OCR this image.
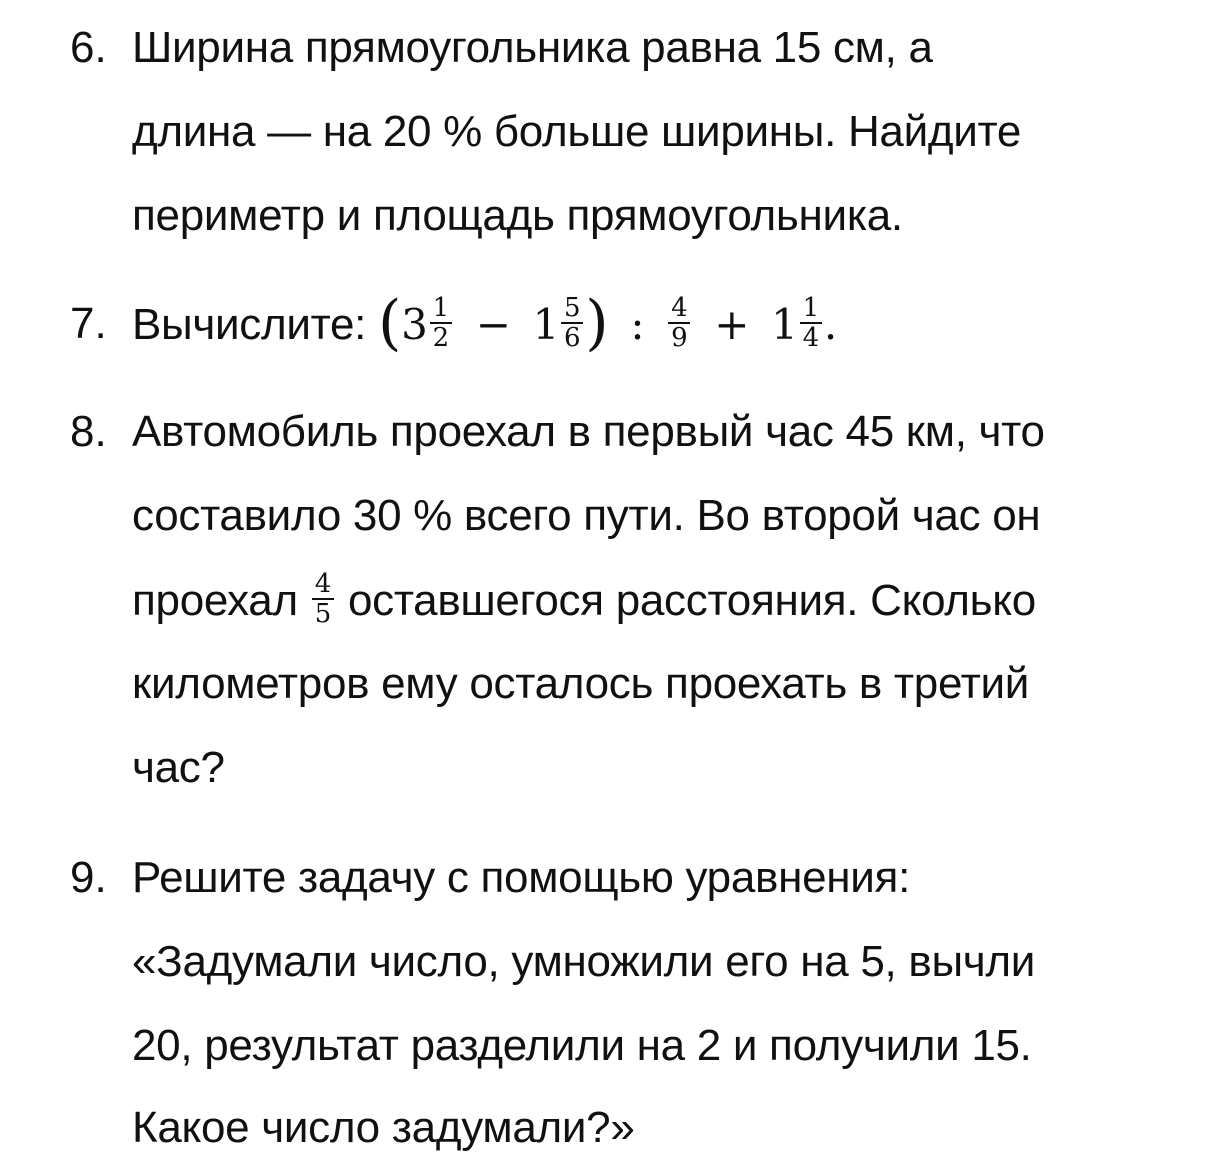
6. Ширина прямоугольника равна 15 см, а
длина — на 20 % больше ширины. Найдите
периметр и площадь прямоугольника.
7. Вычислите: ($3 \frac{1}{2} - 1 \frac{5}{6}$ ) : $\frac{4}{9} + 1 \frac{1}{4}$ .
8. Автомобиль проехал в первый час 45 км, что
составило 30 % всего пути. Во второй час он
проехал $\frac{4}{5}$ оставшегося расстояния. Сколько
километров ему осталось проехать в третий
час?
9. Решите задачу с помощью уравнения:
«Задумали число, умножили его на 5, вычли
20, результат разделили на 2 и получили 15.
Какое число задумали?»
